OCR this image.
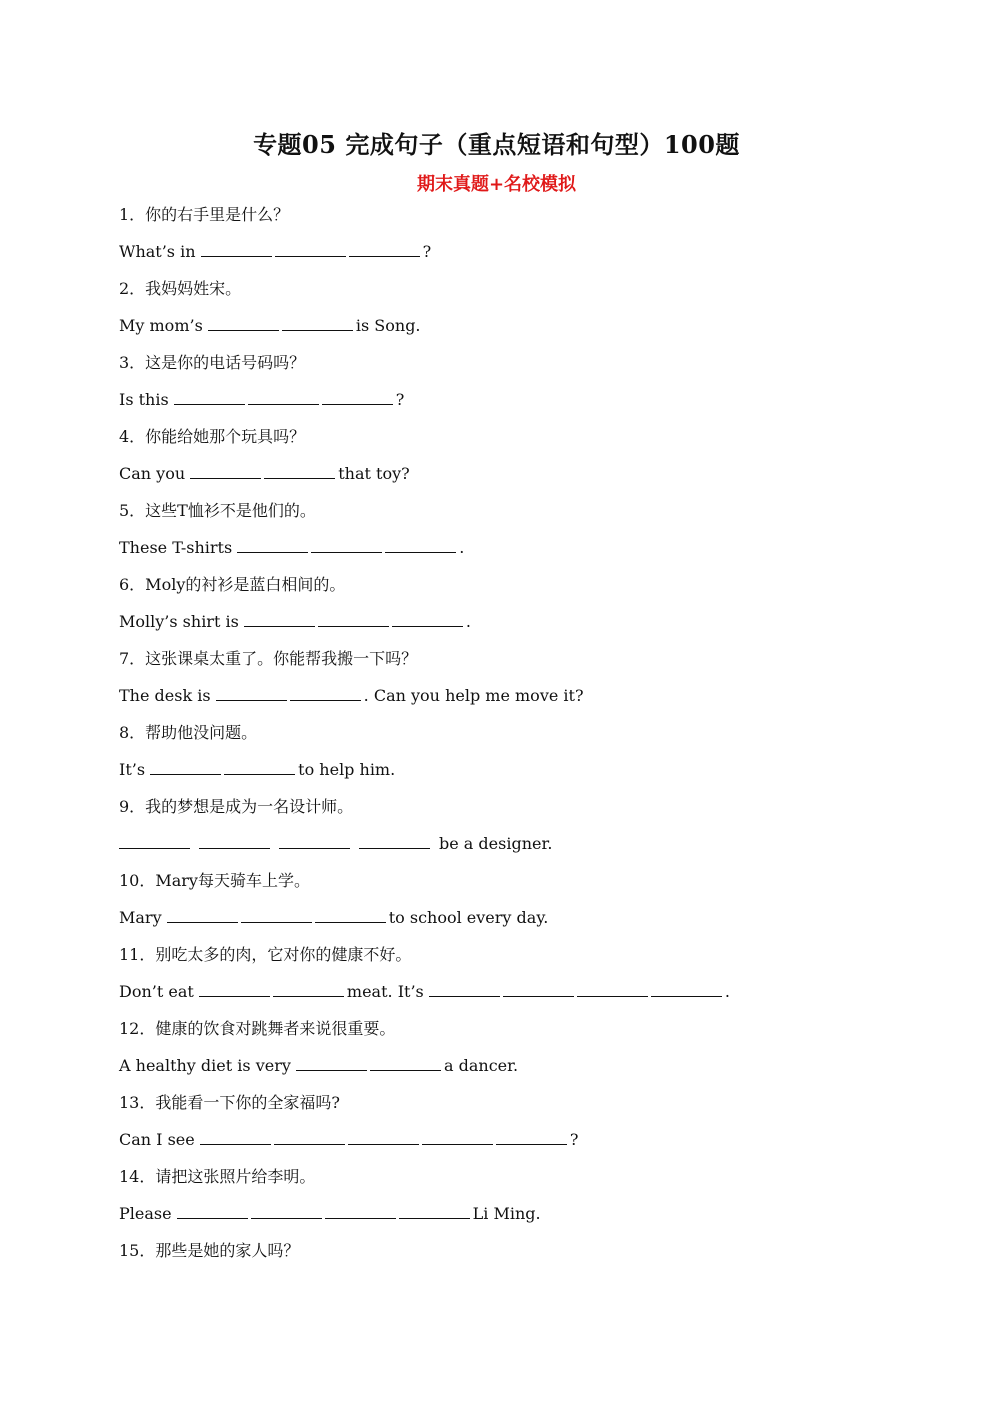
专题05 完成句子（重点短语和句型）100题
期末真题+名校模拟
1．你的右手里是什么？
What’s in	?
2．我妈妈姓宋。
My mom’s	is Song.
3．这是你的电话号码吗？
Is this	?
4．你能给她那个玩具吗？
Can you	that toy?
5．这些T恤衫不是他们的。
These T-shirts	.
6．Moly的衬衫是蓝白相间的。
Molly’s shirt is	.
7．这张课桌太重了。你能帮我搬一下吗？
The desk is	. Can you help me move it?
8．帮助他没问题。
It’s	to help him.
9．我的梦想是成为一名设计师。
be a designer.
10．Mary每天骑车上学。
Mary	to school every day.
11．别吃太多的肉，它对你的健康不好。
Don’t eat	meat. It’s	.
12．健康的饮食对跳舞者来说很重要。
A healthy diet is very	a dancer.
13．我能看一下你的全家福吗?
Can I see	?
14．请把这张照片给李明。
Please	Li Ming.
15．那些是她的家人吗？
